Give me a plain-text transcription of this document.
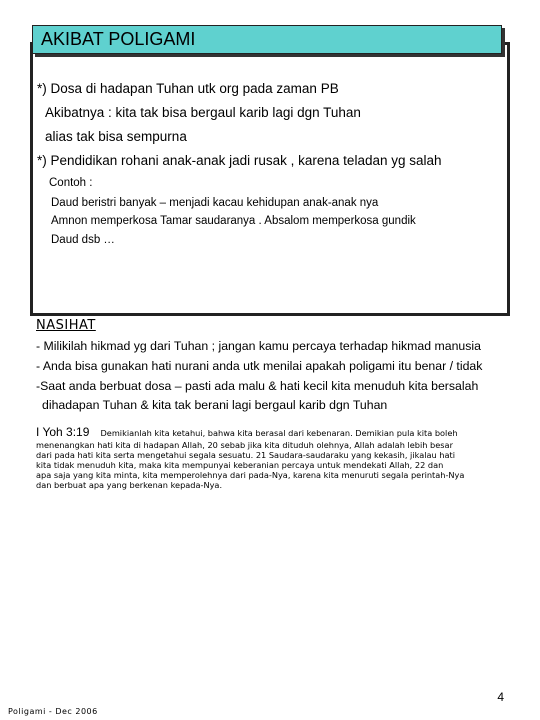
*) Dosa di hadapan Tuhan utk org pada zaman PB
Akibatnya : kita tak bisa bergaul karib lagi dgn Tuhan
alias tak bisa sempurna
*) Pendidikan rohani anak-anak jadi rusak , karena teladan yg salah
Contoh :
Daud beristri banyak – menjadi kacau kehidupan anak-anak nya
Amnon memperkosa Tamar saudaranya . Absalom memperkosa gundik
Daud dsb …
AKIBAT POLIGAMI
NASIHAT
- Milikilah hikmad yg dari Tuhan ; jangan kamu percaya terhadap hikmad manusia
- Anda bisa gunakan hati nurani anda utk menilai apakah poligami itu benar / tidak
-Saat anda berbuat dosa – pasti ada malu & hati kecil kita menuduh kita bersalah
dihadapan Tuhan & kita tak berani lagi bergaul karib dgn Tuhan
I Yoh 3:19 Demikianlah kita ketahui, bahwa kita berasal dari kebenaran. Demikian pula kita boleh
menenangkan hati kita di hadapan Allah, 20 sebab jika kita dituduh olehnya, Allah adalah lebih besar
dari pada hati kita serta mengetahui segala sesuatu. 21 Saudara-saudaraku yang kekasih, jikalau hati
kita tidak menuduh kita, maka kita mempunyai keberanian percaya untuk mendekati Allah, 22 dan
apa saja yang kita minta, kita memperolehnya dari pada-Nya, karena kita menuruti segala perintah-Nya
dan berbuat apa yang berkenan kepada-Nya.
4
Poligami - Dec 2006
